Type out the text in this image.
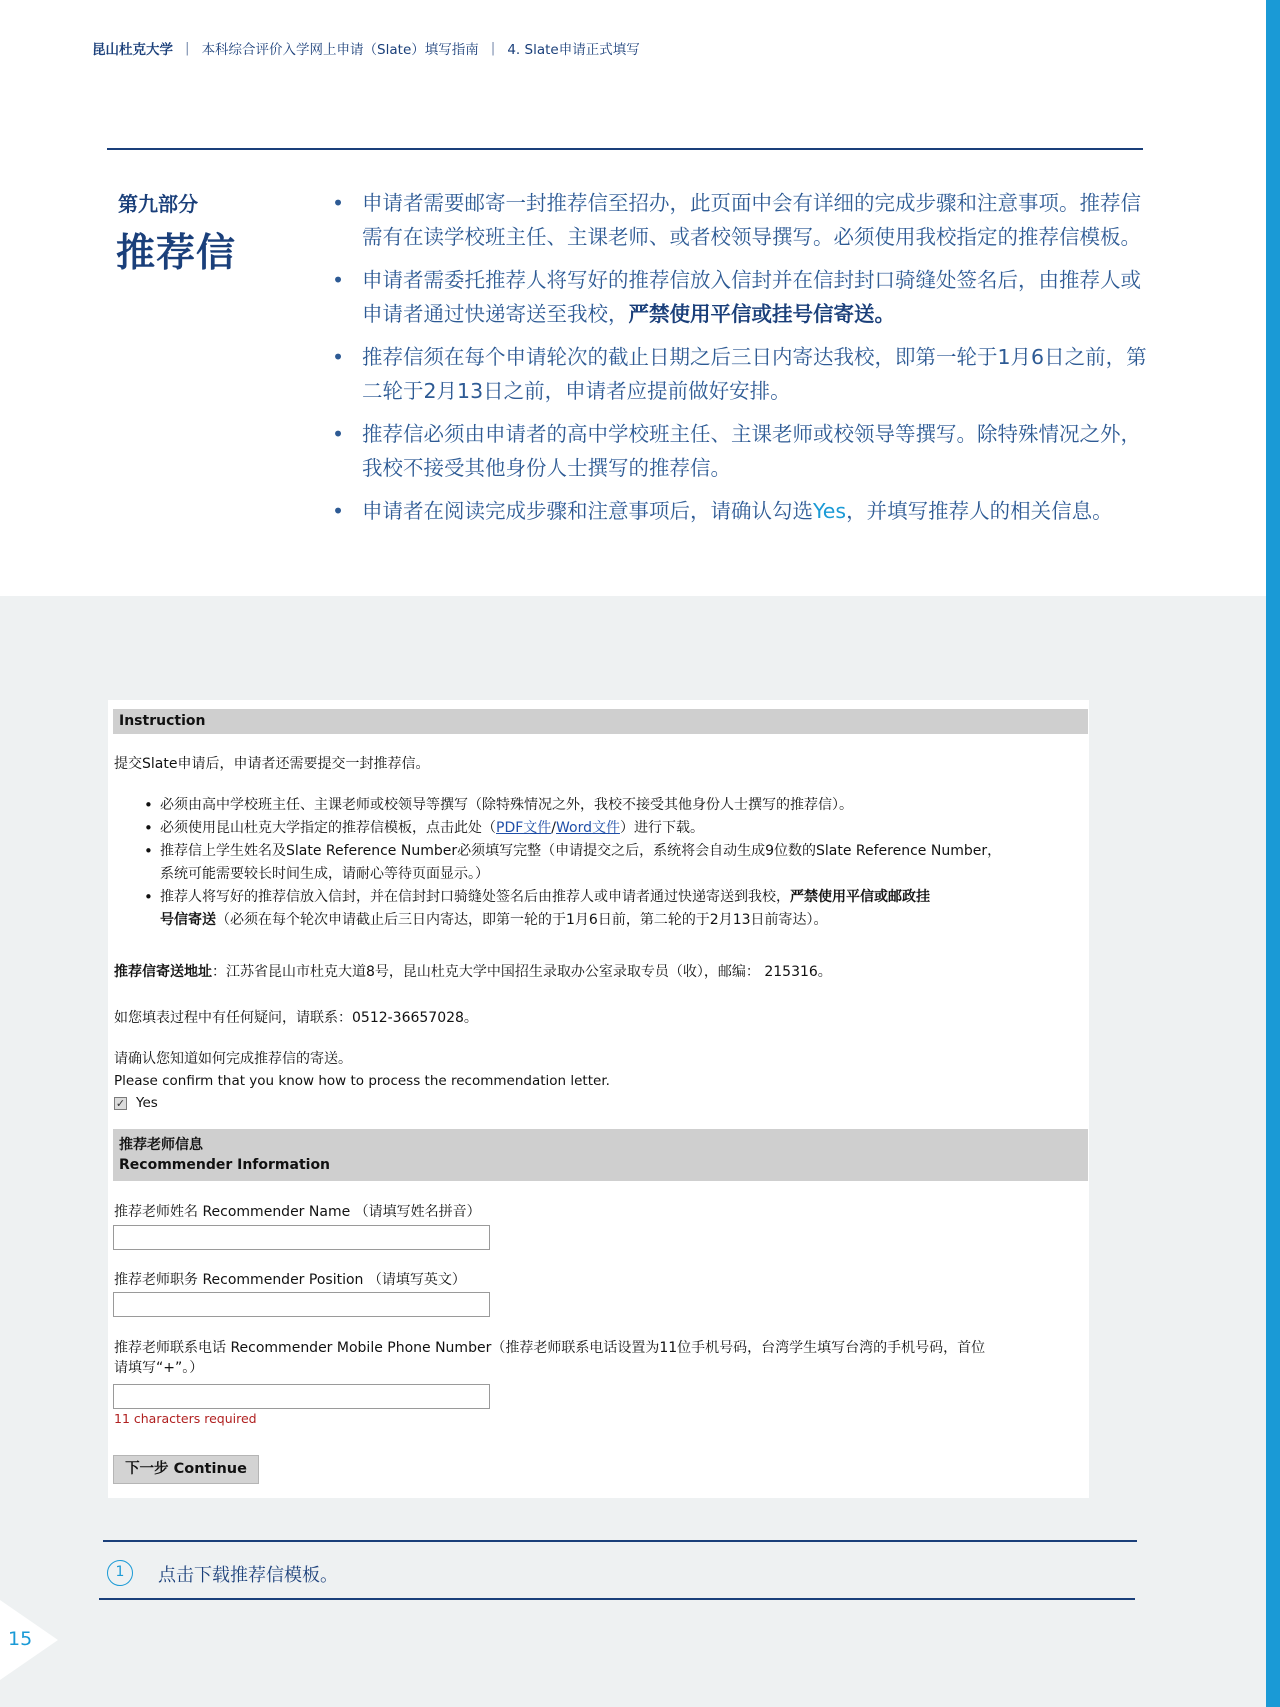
昆山杜克大学 | 本科综合评价入学网上申请（Slate）填写指南 | 4. Slate申请正式填写
第九部分
推荐信
• 申请者需要邮寄一封推荐信至招办，此页面中会有详细的完成步骤和注意事项。推荐信需有在读学校班主任、主课老师、或者校领导撰写。必须使用我校指定的推荐信模板。
• 申请者需委托推荐人将写好的推荐信放入信封并在信封封口骑缝处签名后，由推荐人或申请者通过快递寄送至我校，严禁使用平信或挂号信寄送。
• 推荐信须在每个申请轮次的截止日期之后三日内寄达我校，即第一轮于1月6日之前，第二轮于2月13日之前，申请者应提前做好安排。
• 推荐信必须由申请者的高中学校班主任、主课老师或校领导等撰写。除特殊情况之外，我校不接受其他身份人士撰写的推荐信。
• 申请者在阅读完成步骤和注意事项后，请确认勾选Yes，并填写推荐人的相关信息。
Instruction
提交Slate申请后，申请者还需要提交一封推荐信。
• 必须由高中学校班主任、主课老师或校领导等撰写（除特殊情况之外，我校不接受其他身份人士撰写的推荐信）。
• 必须使用昆山杜克大学指定的推荐信模板，点击此处（PDF文件/Word文件）进行下载。
• 推荐信上学生姓名及Slate Reference Number必须填写完整（申请提交之后，系统将会自动生成9位数的Slate Reference Number，
系统可能需要较长时间生成，请耐心等待页面显示。）
• 推荐人将写好的推荐信放入信封，并在信封封口骑缝处签名后由推荐人或申请者通过快递寄送到我校，严禁使用平信或邮政挂
号信寄送（必须在每个轮次申请截止后三日内寄达，即第一轮的于1月6日前，第二轮的于2月13日前寄达）。
推荐信寄送地址：江苏省昆山市杜克大道8号，昆山杜克大学中国招生录取办公室录取专员（收），邮编： 215316。
如您填表过程中有任何疑问，请联系：0512-36657028。
请确认您知道如何完成推荐信的寄送。
Please confirm that you know how to process the recommendation letter.
✓ Yes
推荐老师信息
Recommender Information
推荐老师姓名 Recommender Name （请填写姓名拼音）
推荐老师职务 Recommender Position （请填写英文）
推荐老师联系电话 Recommender Mobile Phone Number（推荐老师联系电话设置为11位手机号码，台湾学生填写台湾的手机号码，首位
请填写“+”。）
11 characters required
下一步 Continue
1	点击下载推荐信模板。
15
